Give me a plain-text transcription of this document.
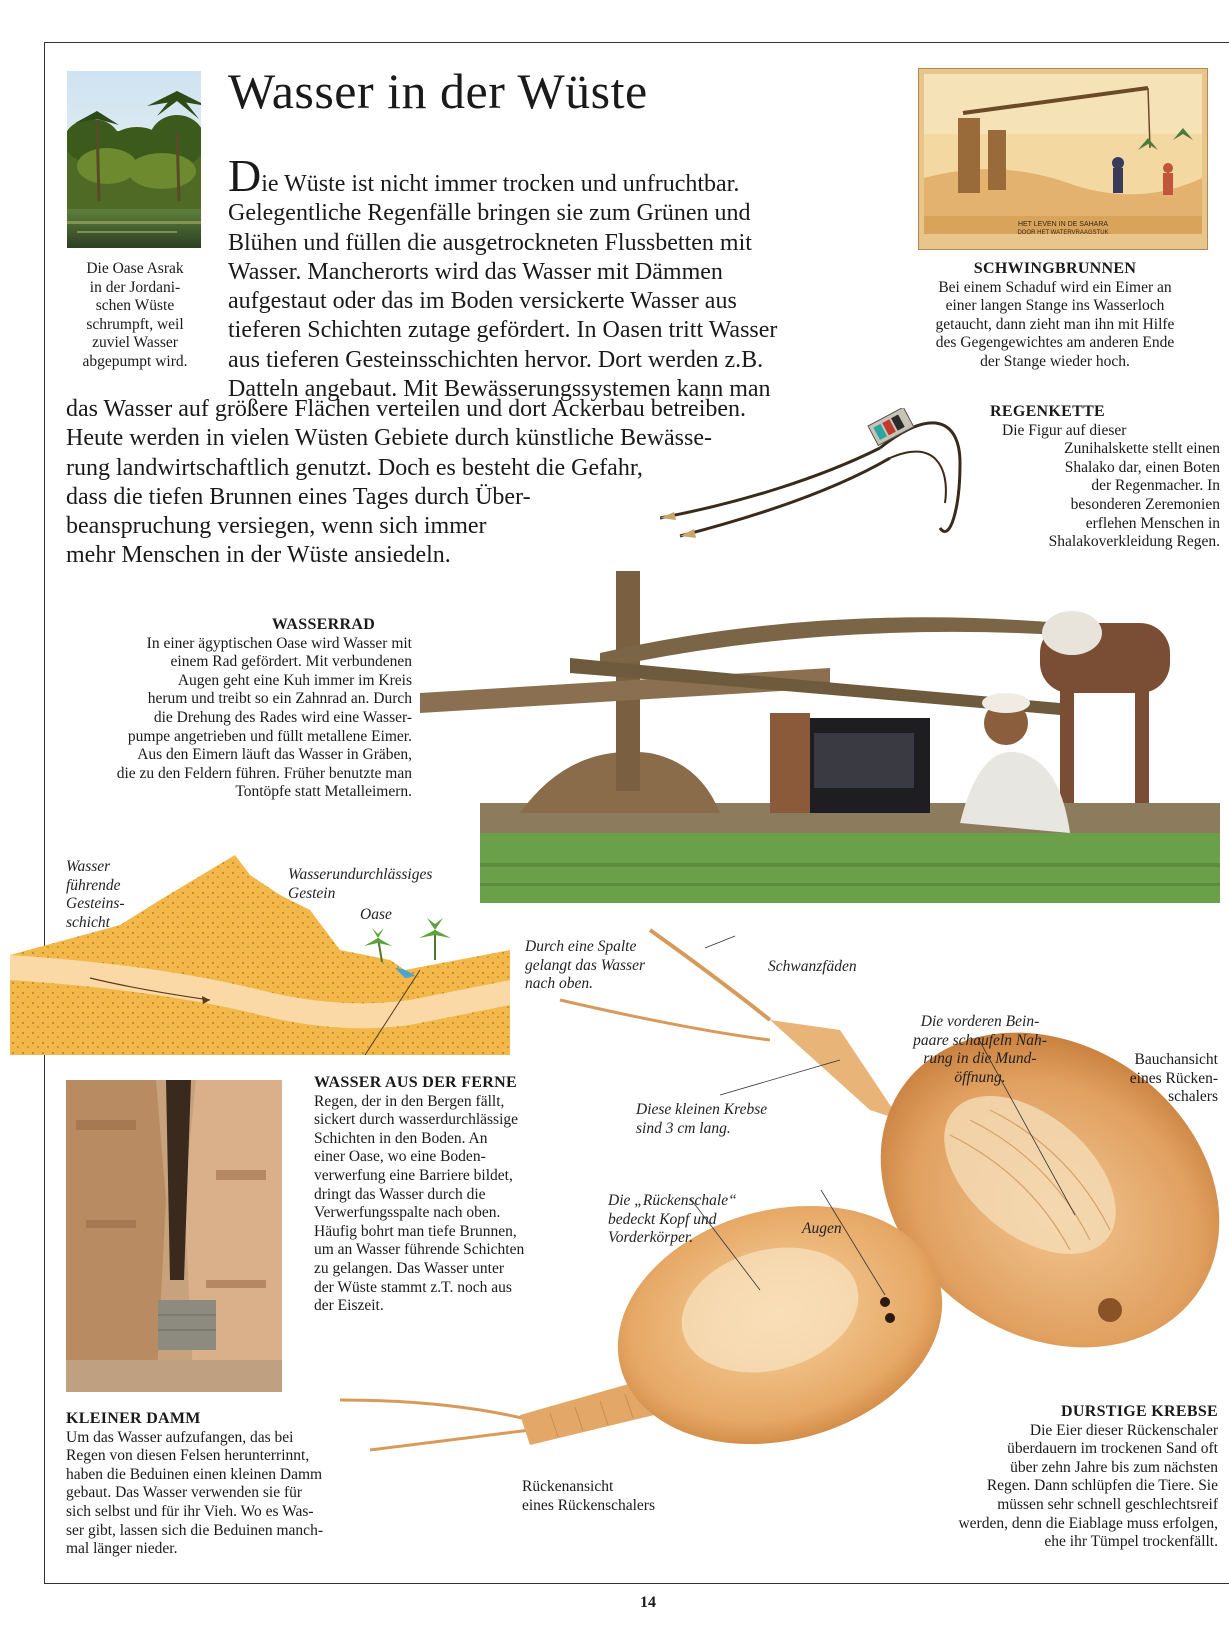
Die Oase Asrak
in der Jordani-
schen Wüste
schrumpft, weil
zuviel Wasser
abgepumpt wird.
Wasser in der Wüste
Die Wüste ist nicht immer trocken und unfruchtbar.
Gelegentliche Regenfälle bringen sie zum Grünen und
Blühen und füllen die ausgetrockneten Flussbetten mit
Wasser. Mancherorts wird das Wasser mit Dämmen
aufgestaut oder das im Boden versickerte Wasser aus
tieferen Schichten zutage gefördert. In Oasen tritt Wasser
aus tieferen Gesteinsschichten hervor. Dort werden z.B.
Datteln angebaut. Mit Bewässerungssystemen kann man
das Wasser auf größere Flächen verteilen und dort Ackerbau betreiben.
Heute werden in vielen Wüsten Gebiete durch künstliche Bewässe-
rung landwirtschaftlich genutzt. Doch es besteht die Gefahr,
dass die tiefen Brunnen eines Tages durch Über-
beanspruchung versiegen, wenn sich immer
mehr Menschen in der Wüste ansiedeln.
HET LEVEN IN DE SAHARA
DOOR HET WATERVRAAGSTUK
SCHWINGBRUNNEN
Bei einem Schaduf wird ein Eimer an
einer langen Stange ins Wasserloch
getaucht, dann zieht man ihn mit Hilfe
des Gegengewichtes am anderen Ende
der Stange wieder hoch.
REGENKETTE
Die Figur auf dieser
Zunihalskette stellt einen
Shalako dar, einen Boten
der Regenmacher. In
besonderen Zeremonien
erflehen Menschen in
Shalakoverkleidung Regen.
WASSERRAD
In einer ägyptischen Oase wird Wasser mit
einem Rad gefördert. Mit verbundenen
Augen geht eine Kuh immer im Kreis
herum und treibt so ein Zahnrad an. Durch
die Drehung des Rades wird eine Wasser-
pumpe angetrieben und füllt metallene Eimer.
Aus den Eimern läuft das Wasser in Gräben,
die zu den Feldern führen. Früher benutzte man
Tontöpfe statt Metalleimern.
Wasser
führende
Gesteins-
schicht
Wasserundurchlässiges
Gestein
Oase
Durch eine Spalte
gelangt das Wasser
nach oben.
WASSER AUS DER FERNE
Regen, der in den Bergen fällt,
sickert durch wasserdurchlässige
Schichten in den Boden. An
einer Oase, wo eine Boden-
verwerfung eine Barriere bildet,
dringt das Wasser durch die
Verwerfungsspalte nach oben.
Häufig bohrt man tiefe Brunnen,
um an Wasser führende Schichten
zu gelangen. Das Wasser unter
der Wüste stammt z.T. noch aus
der Eiszeit.
KLEINER DAMM
Um das Wasser aufzufangen, das bei
Regen von diesen Felsen herunterrinnt,
haben die Beduinen einen kleinen Damm
gebaut. Das Wasser verwenden sie für
sich selbst und für ihr Vieh. Wo es Was-
ser gibt, lassen sich die Beduinen manch-
mal länger nieder.
Schwanzfäden
Die vorderen Bein-
paare schaufeln Nah-
rung in die Mund-
öffnung.
Bauchansicht
eines Rücken-
schalers
Diese kleinen Krebse
sind 3 cm lang.
Die „Rückenschale“
bedeckt Kopf und
Vorderkörper.
Augen
Rückenansicht
eines Rückenschalers
DURSTIGE KREBSE
Die Eier dieser Rückenschaler
überdauern im trockenen Sand oft
über zehn Jahre bis zum nächsten
Regen. Dann schlüpfen die Tiere. Sie
müssen sehr schnell geschlechtsreif
werden, denn die Eiablage muss erfolgen,
ehe ihr Tümpel trockenfällt.
14
